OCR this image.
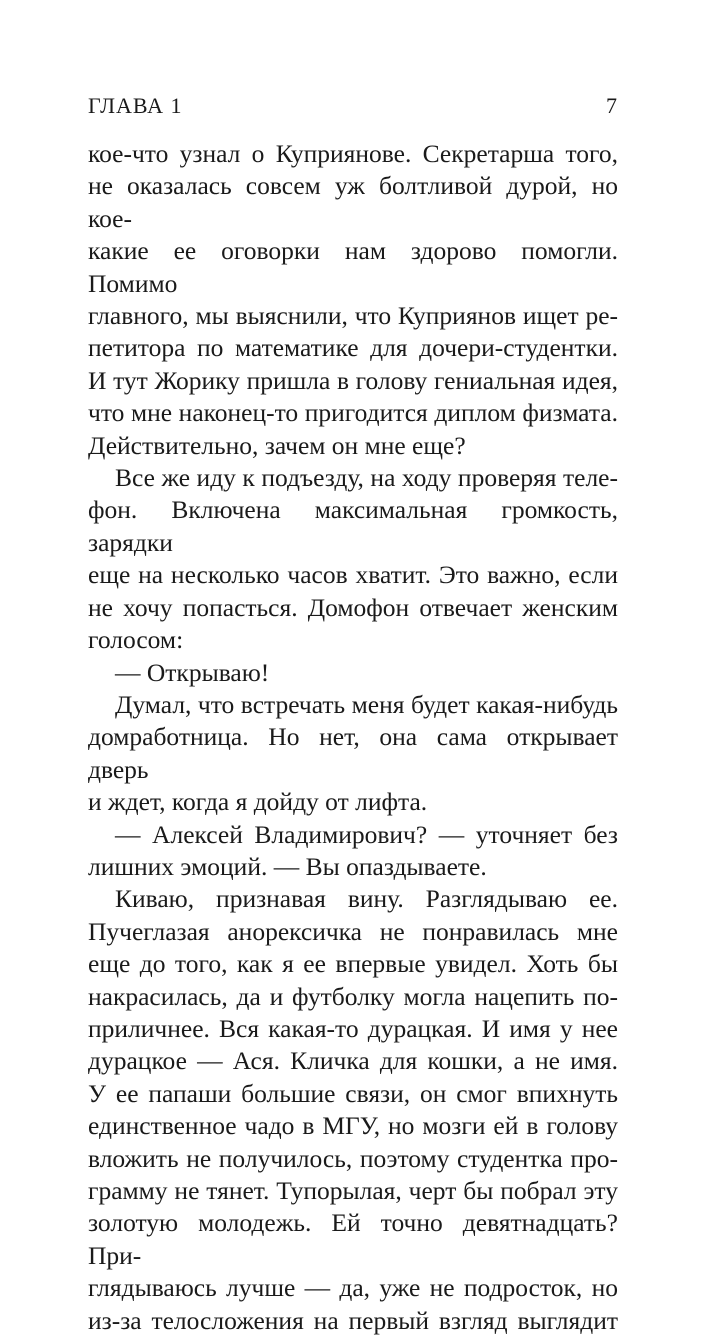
ГЛАВА 1	7

кое-что узнал о Куприянове. Секретарша того,

не оказалась совсем уж болтливой дурой, но кое-

какие ее оговорки нам здорово помогли. Помимо

главного, мы выяснили, что Куприянов ищет ре-

петитора по математике для дочери-студентки.

И тут Жорику пришла в голову гениальная идея,

что мне наконец-то пригодится диплом физмата.

Действительно, зачем он мне еще?

Все же иду к подъезду, на ходу проверяя теле-

фон. Включена максимальная громкость, зарядки

еще на несколько часов хватит. Это важно, если

не хочу попасться. Домофон отвечает женским

голосом:

— Открываю!

Думал, что встречать меня будет какая-нибудь

домработница. Но нет, она сама открывает дверь

и ждет, когда я дойду от лифта.

— Алексей Владимирович? — уточняет без

лишних эмоций. — Вы опаздываете.

Киваю, признавая вину. Разглядываю ее.

Пучеглазая анорексичка не понравилась мне

еще до того, как я ее впервые увидел. Хоть бы

накрасилась, да и футболку могла нацепить по-

приличнее. Вся какая-то дурацкая. И имя у нее

дурацкое — Ася. Кличка для кошки, а не имя.

У ее папаши большие связи, он смог впихнуть

единственное чадо в МГУ, но мозги ей в голову

вложить не получилось, поэтому студентка про-

грамму не тянет. Тупорылая, черт бы побрал эту

золотую молодежь. Ей точно девятнадцать? При-

глядываюсь лучше — да, уже не подросток, но

из-за телосложения на первый взгляд выглядит
